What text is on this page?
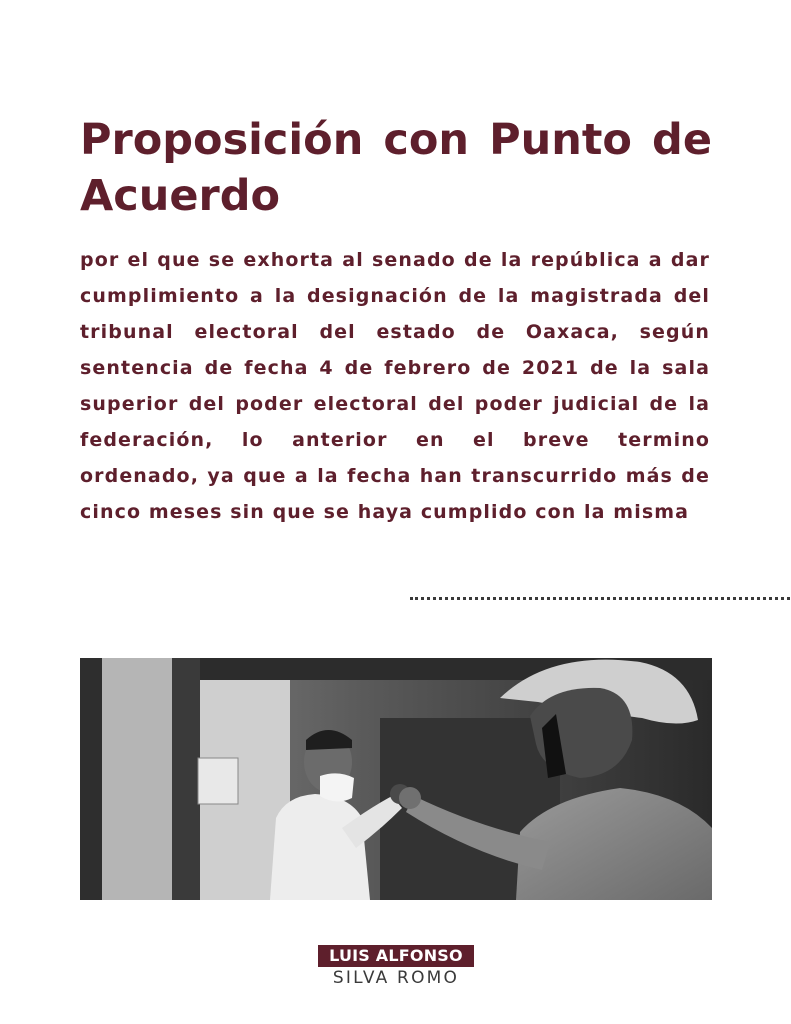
Proposición con Punto de Acuerdo

por el que se exhorta al senado de la república a dar cumplimiento a la designación de la magistrada del tribunal electoral del estado de Oaxaca, según sentencia de fecha 4 de febrero de 2021 de la sala superior del poder electoral del poder judicial de la federación, lo anterior en el breve termino ordenado, ya que a la fecha han transcurrido más de cinco meses sin que se haya cumplido con la misma

LUIS ALFONSO
SILVA ROMO
